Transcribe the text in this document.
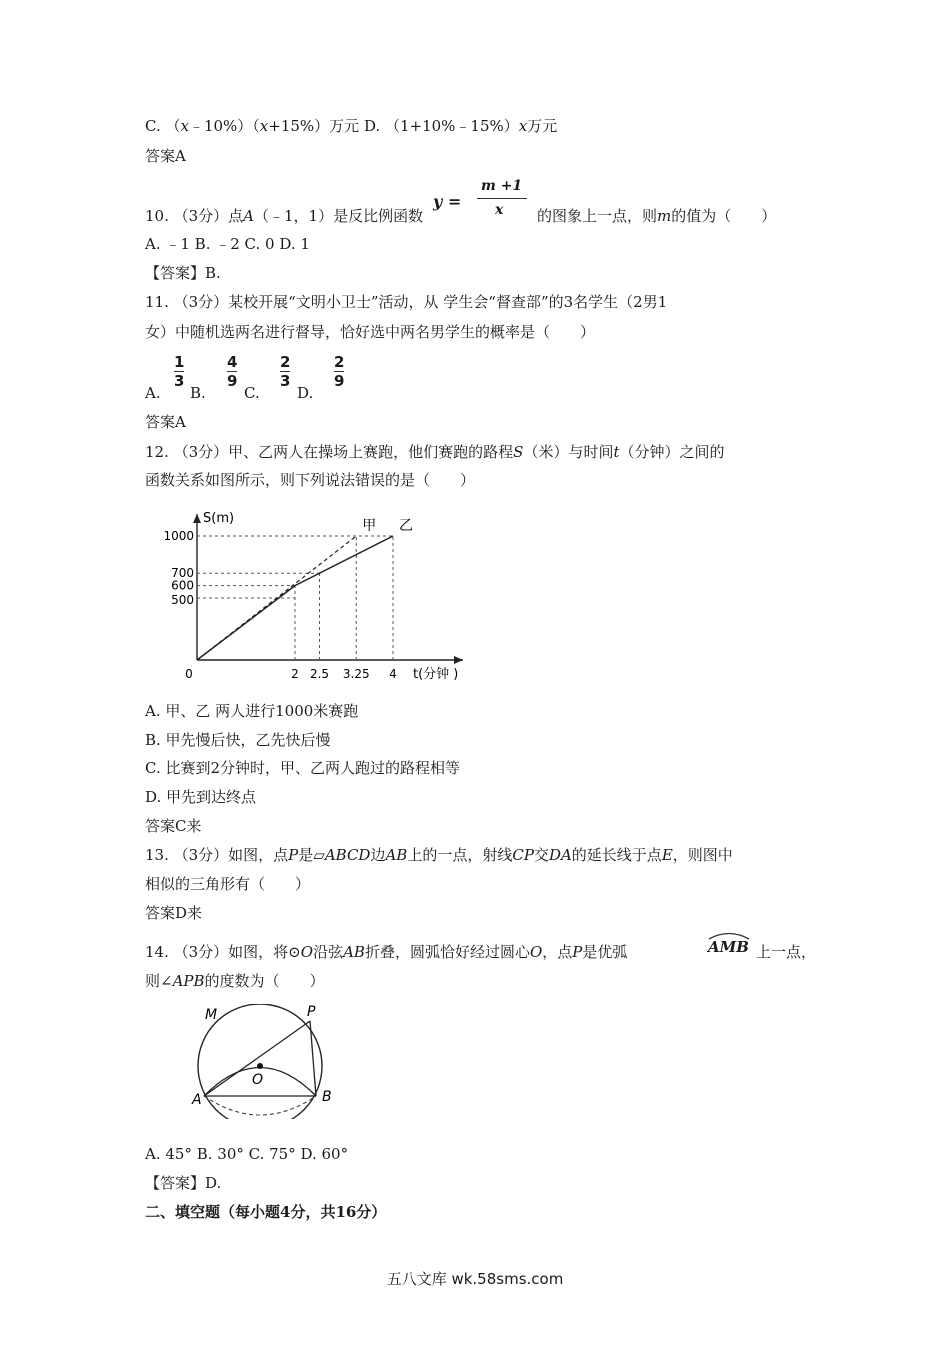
C. （x﹣10%）（x+15%）万元 D. （1+10%﹣15%）x万元
答案A
10. （3分）点A（﹣1，1）是反比例函数
y =
m +1
x 的图象上一点，则m的值为（　　）
A. ﹣1 B. ﹣2 C. 0 D. 1
【答案】B.
11. （3分）某校开展“文明小卫士”活动，从 学生会“督查部”的3名学生（2男1
女）中随机选两名进行督导，恰好选中两名男学生的概率是（　　）
A.
1
3
B.
4
9
C.
2
3
D.
2
9
答案A
12. （3分）甲、乙两人在操场上赛跑，他们赛跑的路程S（米）与时间t（分钟）之间的
函数关系如图所示，则下列说法错误的是（　　）
S(m)
t(分钟 )
1000
700
600
500
0	2 2.5 3.25 4
甲 乙
A. 甲、乙 两人进行1000米赛跑
B. 甲先慢后快，乙先快后慢
C. 比赛到2分钟时，甲、乙两人跑过的路程相等
D. 甲先到达终点
答案C来
13. （3分）如图，点P是▱ABCD边AB上的一点，射线CP交DA的延长线于点E，则图中
相似的三角形有（　　）
答案D来
14. （3分）如图，将⊙O沿弦AB折叠，圆弧恰好经过圆心O，点P是优弧	AMB 上一点，
则∠APB的度数为（　　）
M	P
O
A	B
A. 45° B. 30° C. 75° D. 60°
【答案】D.
二、填空题（每小题4分，共16分）
五八文库 wk.58sms.com
